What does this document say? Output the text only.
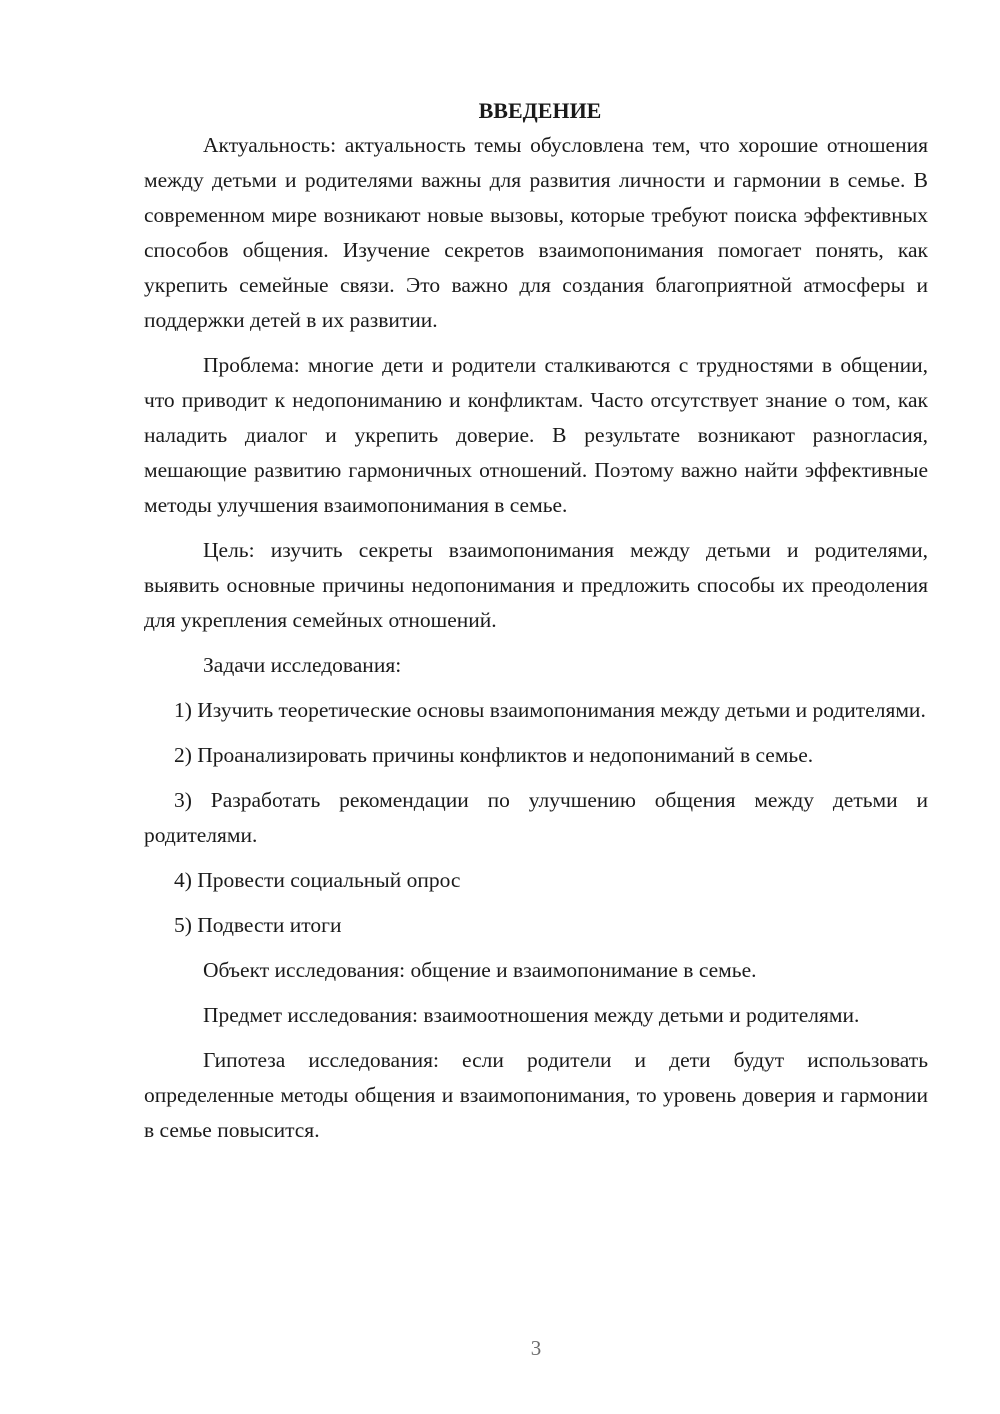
ВВЕДЕНИЕ

Актуальность: актуальность темы обусловлена тем, что хорошие отношения между детьми и родителями важны для развития личности и гармонии в семье. В современном мире возникают новые вызовы, которые требуют поиска эффективных способов общения. Изучение секретов взаимопонимания помогает понять, как укрепить семейные связи. Это важно для создания благоприятной атмосферы и поддержки детей в их развитии.

Проблема: многие дети и родители сталкиваются с трудностями в общении, что приводит к недопониманию и конфликтам. Часто отсутствует знание о том, как наладить диалог и укрепить доверие. В результате возникают разногласия, мешающие развитию гармоничных отношений. Поэтому важно найти эффективные методы улучшения взаимопонимания в семье.

Цель: изучить секреты взаимопонимания между детьми и родителями, выявить основные причины недопонимания и предложить способы их преодоления для укрепления семейных отношений.

Задачи исследования:

1) Изучить теоретические основы взаимопонимания между детьми и родителями.

2) Проанализировать причины конфликтов и недопониманий в семье.

3) Разработать рекомендации по улучшению общения между детьми и родителями.

4) Провести социальный опрос

5) Подвести итоги

Объект исследования: общение и взаимопонимание в семье.

Предмет исследования: взаимоотношения между детьми и родителями.

Гипотеза исследования: если родители и дети будут использовать определенные методы общения и взаимопонимания, то уровень доверия и гармонии в семье повысится.

3
